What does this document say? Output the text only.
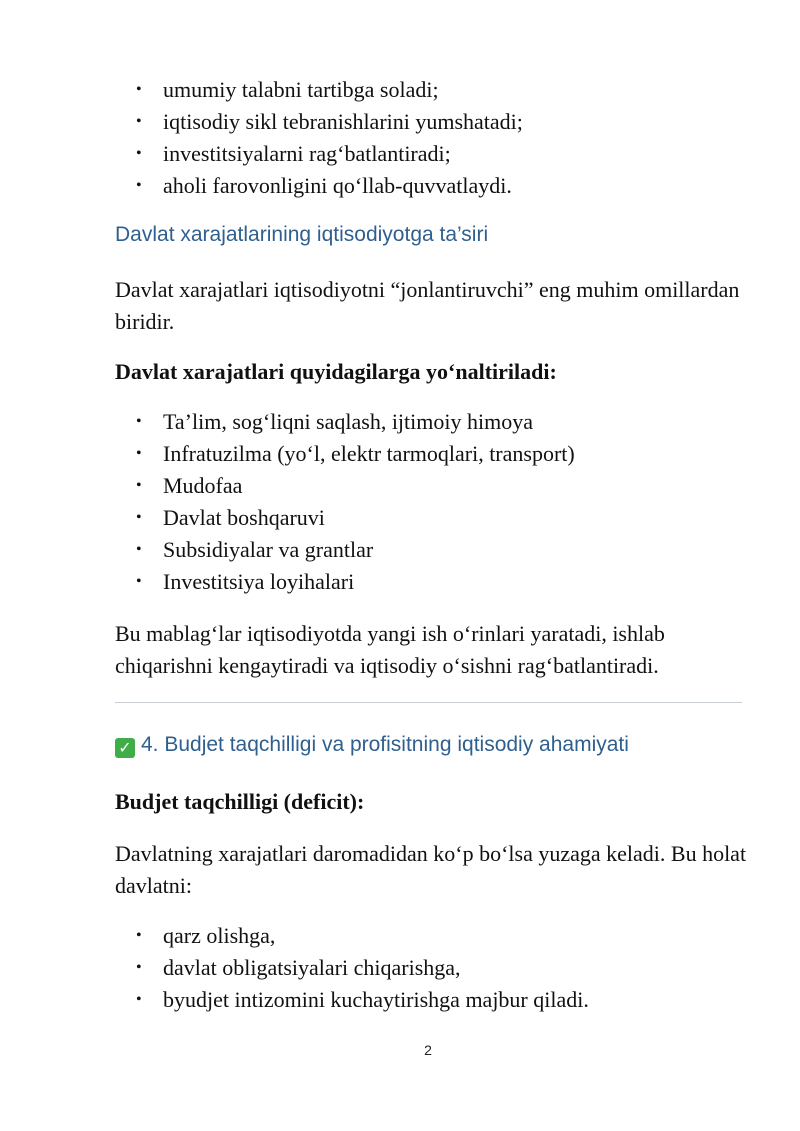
• umumiy talabni tartibga soladi;
• iqtisodiy sikl tebranishlarini yumshatadi;
• investitsiyalarni rag‘batlantiradi;
• aholi farovonligini qo‘llab-quvvatlaydi.
Davlat xarajatlarining iqtisodiyotga ta’siri

Davlat xarajatlari iqtisodiyotni “jonlantiruvchi” eng muhim omillardan biridir.

Davlat xarajatlari quyidagilarga yo‘naltiriladi:
• Ta’lim, sog‘liqni saqlash, ijtimoiy himoya
• Infratuzilma (yo‘l, elektr tarmoqlari, transport)
• Mudofaa
• Davlat boshqaruvi
• Subsidiyalar va grantlar
• Investitsiya loyihalari

Bu mablag‘lar iqtisodiyotda yangi ish o‘rinlari yaratadi, ishlab chiqarishni kengaytiradi va iqtisodiy o‘sishni rag‘batlantiradi.

✓ 4. Budjet taqchilligi va profisitning iqtisodiy ahamiyati
Budjet taqchilligi (deficit):

Davlatning xarajatlari daromadidan ko‘p bo‘lsa yuzaga keladi. Bu holat davlatni:

• qarz olishga,
• davlat obligatsiyalari chiqarishga,
• byudjet intizomini kuchaytirishga majbur qiladi.
2
